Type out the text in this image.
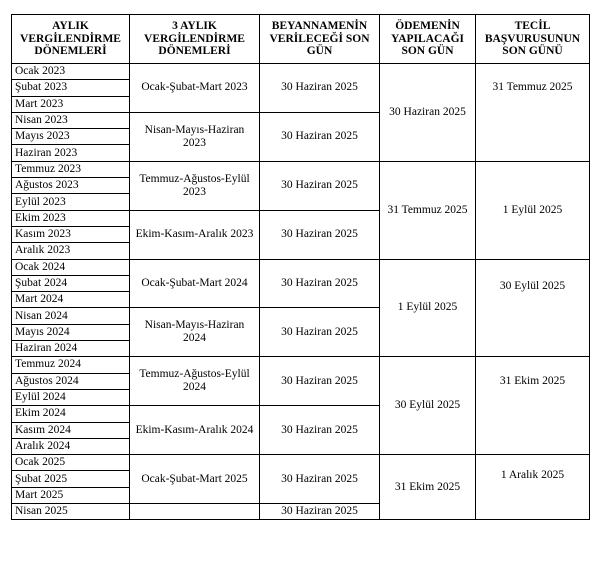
AYLIK VERGİLENDİRME DÖNEMLERİ	3 AYLIK VERGİLENDİRME DÖNEMLERİ	BEYANNAMENİN VERİLECEĞİ SON GÜN	ÖDEMENİN YAPILACAĞI SON GÜN	TECİL BAŞVURUSUNUN SON GÜNÜ
Ocak 2023	Ocak-Şubat-Mart 2023	30 Haziran 2025	30 Haziran 2025	31 Temmuz 2025
Şubat 2023				
Mart 2023				
Nisan 2023	Nisan-Mayıs-Haziran 2023	30 Haziran 2025		
Mayıs 2023				
Haziran 2023				
Temmuz 2023	Temmuz-Ağustos-Eylül 2023	30 Haziran 2025	31 Temmuz 2025	1 Eylül 2025
Ağustos 2023				
Eylül 2023				
Ekim 2023	Ekim-Kasım-Aralık 2023	30 Haziran 2025		
Kasım 2023				
Aralık 2023				
Ocak 2024	Ocak-Şubat-Mart 2024	30 Haziran 2025	1 Eylül 2025	30 Eylül 2025
Şubat 2024				
Mart 2024				
Nisan 2024	Nisan-Mayıs-Haziran 2024	30 Haziran 2025		
Mayıs 2024				
Haziran 2024				
Temmuz 2024	Temmuz-Ağustos-Eylül 2024	30 Haziran 2025	30 Eylül 2025	31 Ekim 2025
Ağustos 2024				
Eylül 2024				
Ekim 2024	Ekim-Kasım-Aralık 2024	30 Haziran 2025		
Kasım 2024				
Aralık 2024				
Ocak 2025	Ocak-Şubat-Mart 2025	30 Haziran 2025	31 Ekim 2025	1 Aralık 2025
Şubat 2025				
Mart 2025				
Nisan 2025		30 Haziran 2025		
